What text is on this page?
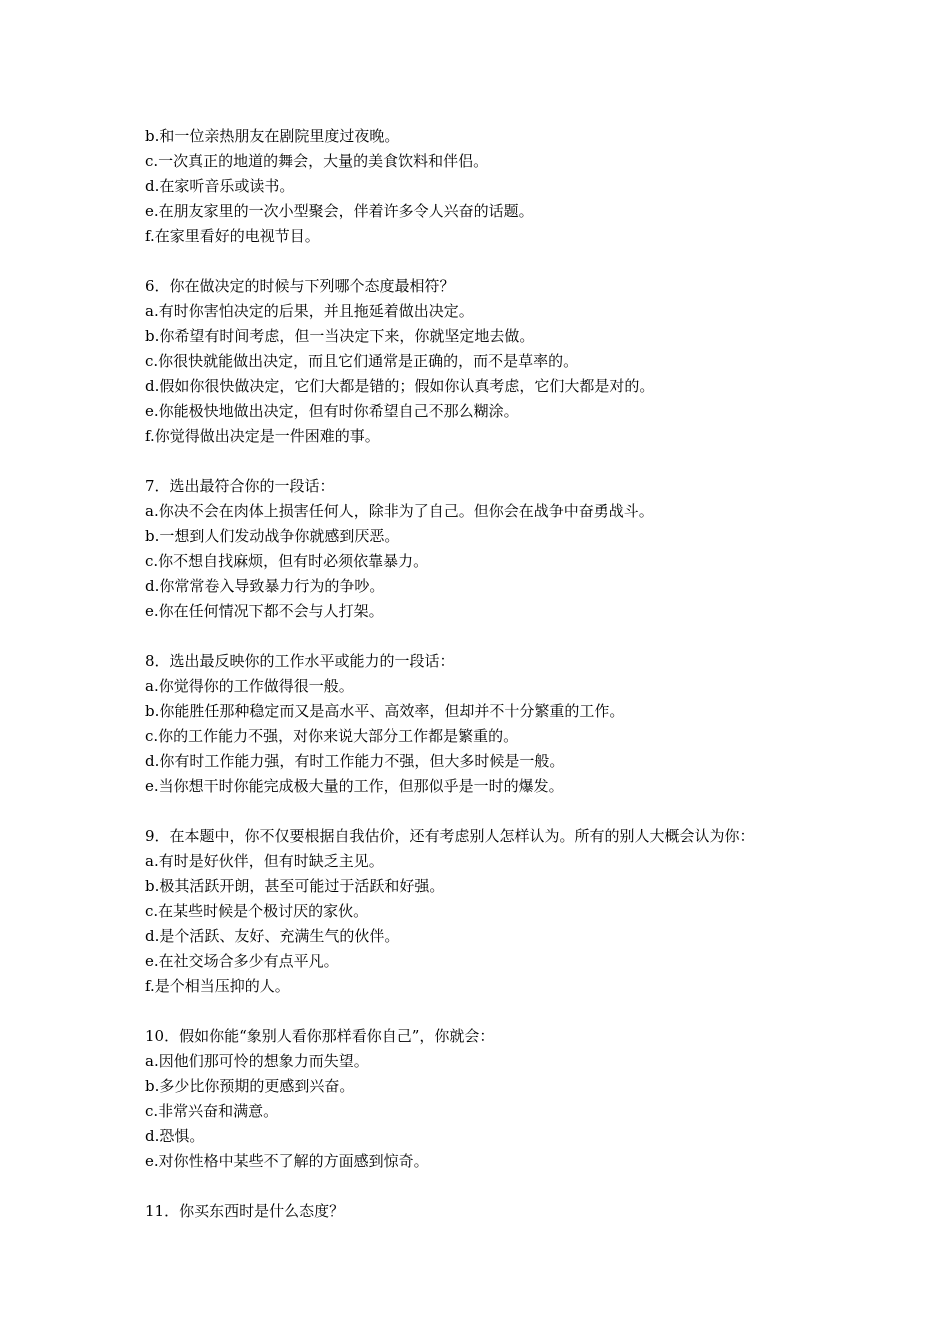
b.和一位亲热朋友在剧院里度过夜晚。
c.一次真正的地道的舞会，大量的美食饮料和伴侣。
d.在家听音乐或读书。
e.在朋友家里的一次小型聚会，伴着许多令人兴奋的话题。
f.在家里看好的电视节目。
6．你在做决定的时候与下列哪个态度最相符？
a.有时你害怕决定的后果，并且拖延着做出决定。
b.你希望有时间考虑，但一当决定下来，你就坚定地去做。
c.你很快就能做出决定，而且它们通常是正确的，而不是草率的。
d.假如你很快做决定，它们大都是错的；假如你认真考虑，它们大都是对的。
e.你能极快地做出决定，但有时你希望自己不那么糊涂。
f.你觉得做出决定是一件困难的事。
7．选出最符合你的一段话：
a.你决不会在肉体上损害任何人，除非为了自己。但你会在战争中奋勇战斗。
b.一想到人们发动战争你就感到厌恶。
c.你不想自找麻烦，但有时必须依靠暴力。
d.你常常卷入导致暴力行为的争吵。
e.你在任何情况下都不会与人打架。
8．选出最反映你的工作水平或能力的一段话：
a.你觉得你的工作做得很一般。
b.你能胜任那种稳定而又是高水平、高效率，但却并不十分繁重的工作。
c.你的工作能力不强，对你来说大部分工作都是繁重的。
d.你有时工作能力强，有时工作能力不强，但大多时候是一般。
e.当你想干时你能完成极大量的工作，但那似乎是一时的爆发。
9．在本题中，你不仅要根据自我估价，还有考虑别人怎样认为。所有的别人大概会认为你：
a.有时是好伙伴，但有时缺乏主见。
b.极其活跃开朗，甚至可能过于活跃和好强。
c.在某些时候是个极讨厌的家伙。
d.是个活跃、友好、充满生气的伙伴。
e.在社交场合多少有点平凡。
f.是个相当压抑的人。
10．假如你能“象别人看你那样看你自己”，你就会：
a.因他们那可怜的想象力而失望。
b.多少比你预期的更感到兴奋。
c.非常兴奋和满意。
d.恐惧。
e.对你性格中某些不了解的方面感到惊奇。
11．你买东西时是什么态度？
